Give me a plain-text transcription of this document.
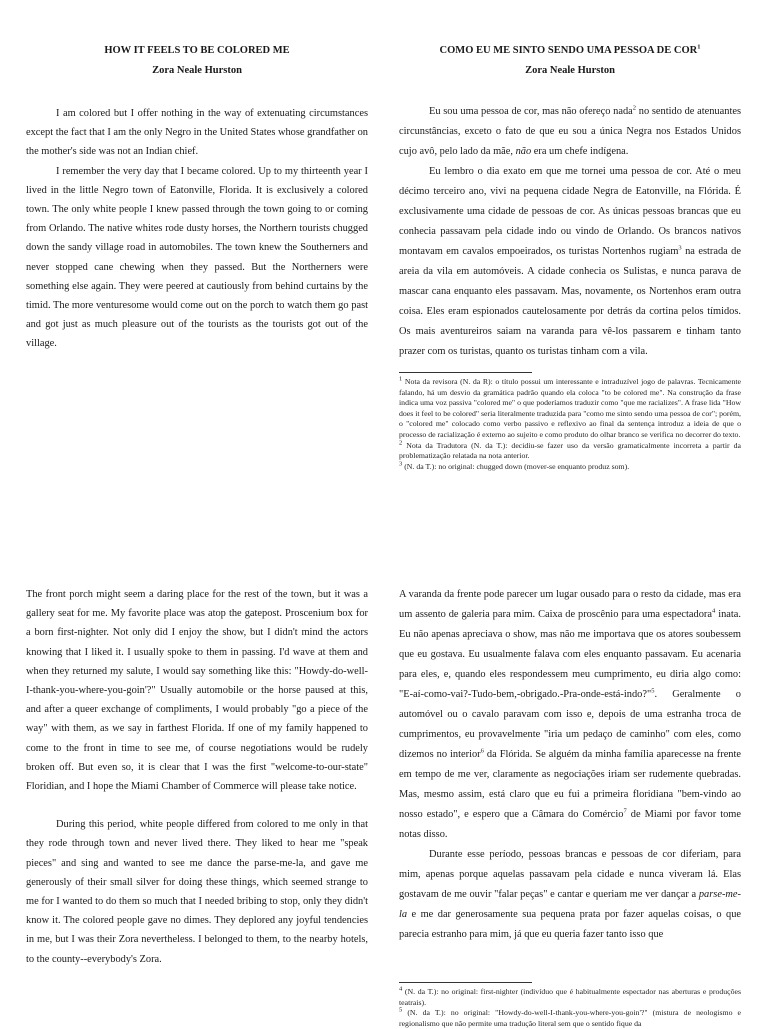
HOW IT FEELS TO BE COLORED ME

Zora Neale Hurston

I am colored but I offer nothing in the way of extenuating circumstances except the fact that I am the only Negro in the United States whose grandfather on the mother's side was not an Indian chief.

I remember the very day that I became colored. Up to my thirteenth year I lived in the little Negro town of Eatonville, Florida. It is exclusively a colored town. The only white people I knew passed through the town going to or coming from Orlando. The native whites rode dusty horses, the Northern tourists chugged down the sandy village road in automobiles. The town knew the Southerners and never stopped cane chewing when they passed. But the Northerners were something else again. They were peered at cautiously from behind curtains by the timid. The more venturesome would come out on the porch to watch them go past and got just as much pleasure out of the tourists as the tourists got out of the village.

COMO EU ME SINTO SENDO UMA PESSOA DE COR$^1$

Zora Neale Hurston

Eu sou uma pessoa de cor, mas não ofereço nada$^2$ no sentido de atenuantes circunstâncias, exceto o fato de que eu sou a única Negra nos Estados Unidos cujo avô, pelo lado da mãe, não era um chefe indígena.

Eu lembro o dia exato em que me tornei uma pessoa de cor. Até o meu décimo terceiro ano, vivi na pequena cidade Negra de Eatonville, na Flórida. É exclusivamente uma cidade de pessoas de cor. As únicas pessoas brancas que eu conhecia passavam pela cidade indo ou vindo de Orlando. Os brancos nativos montavam em cavalos empoeirados, os turistas Nortenhos rugiam$^3$ na estrada de areia da vila em automóveis. A cidade conhecia os Sulistas, e nunca parava de mascar cana enquanto eles passavam. Mas, novamente, os Nortenhos eram outra coisa. Eles eram espionados cautelosamente por detrás da cortina pelos tímidos. Os mais aventureiros saiam na varanda para vê-los passarem e tinham tanto prazer com os turistas, quanto os turistas tinham com a vila.

$^1$ Nota da revisora (N. da R): o título possui um interessante e intraduzível jogo de palavras. Tecnicamente falando, há um desvio da gramática padrão quando ela coloca "to be colored me". Na construção da frase indica uma voz passiva "colored me" o que poderíamos traduzir como "que me racializes". A frase lida "How does it feel to be colored" seria literalmente traduzida para "como me sinto sendo uma pessoa de cor"; porém, o "colored me" colocado como verbo passivo e reflexivo ao final da sentença introduz a ideia de que o processo de racialização é externo ao sujeito e como produto do olhar branco se verifica no decorrer do texto.

$^2$ Nota da Tradutora (N. da T.): decidiu-se fazer uso da versão gramaticalmente incorreta a partir da problematização relatada na nota anterior.

$^3$ (N. da T.): no original: chugged down (mover-se enquanto produz som).

The front porch might seem a daring place for the rest of the town, but it was a gallery seat for me. My favorite place was atop the gatepost. Proscenium box for a born first-nighter. Not only did I enjoy the show, but I didn't mind the actors knowing that I liked it. I usually spoke to them in passing. I'd wave at them and when they returned my salute, I would say something like this: "Howdy-do-well-I-thank-you-where-you-goin'?" Usually automobile or the horse paused at this, and after a queer exchange of compliments, I would probably "go a piece of the way" with them, as we say in farthest Florida. If one of my family happened to come to the front in time to see me, of course negotiations would be rudely broken off. But even so, it is clear that I was the first "welcome-to-our-state" Floridian, and I hope the Miami Chamber of Commerce will please take notice.

During this period, white people differed from colored to me only in that they rode through town and never lived there. They liked to hear me "speak pieces" and sing and wanted to see me dance the parse-me-la, and gave me generously of their small silver for doing these things, which seemed strange to me for I wanted to do them so much that I needed bribing to stop, only they didn't know it. The colored people gave no dimes. They deplored any joyful tendencies in me, but I was their Zora nevertheless. I belonged to them, to the nearby hotels, to the county--everybody's Zora.

A varanda da frente pode parecer um lugar ousado para o resto da cidade, mas era um assento de galeria para mim. Caixa de proscênio para uma espectadora$^4$ inata. Eu não apenas apreciava o show, mas não me importava que os atores soubessem que eu gostava. Eu usualmente falava com eles enquanto passavam. Eu acenaria para eles, e, quando eles respondessem meu cumprimento, eu diria algo como: "E-aí-como-vai?-Tudo-bem,-obrigado.-Pra-onde-está-indo?"$^5$. Geralmente o automóvel ou o cavalo paravam com isso e, depois de uma estranha troca de cumprimentos, eu provavelmente "iria um pedaço de caminho" com eles, como dizemos no interior$^6$ da Flórida. Se alguém da minha família aparecesse na frente em tempo de me ver, claramente as negociações iriam ser rudemente quebradas. Mas, mesmo assim, está claro que eu fui a primeira floridiana "bem-vindo ao nosso estado", e espero que a Câmara do Comércio$^7$ de Miami por favor tome notas disso.

Durante esse período, pessoas brancas e pessoas de cor diferiam, para mim, apenas porque aquelas passavam pela cidade e nunca viveram lá. Elas gostavam de me ouvir "falar peças" e cantar e queriam me ver dançar a parse-me-la e me dar generosamente sua pequena prata por fazer aquelas coisas, o que parecia estranho para mim, já que eu queria fazer tanto isso que

$^4$ (N. da T.): no original: first-nighter (indivíduo que é habitualmente espectador nas aberturas e produções teatrais).

$^5$ (N. da T.): no original: "Howdy-do-well-I-thank-you-where-you-goin'?" (mistura de neologismo e regionalismo que não permite uma tradução literal sem que o sentido fique da
